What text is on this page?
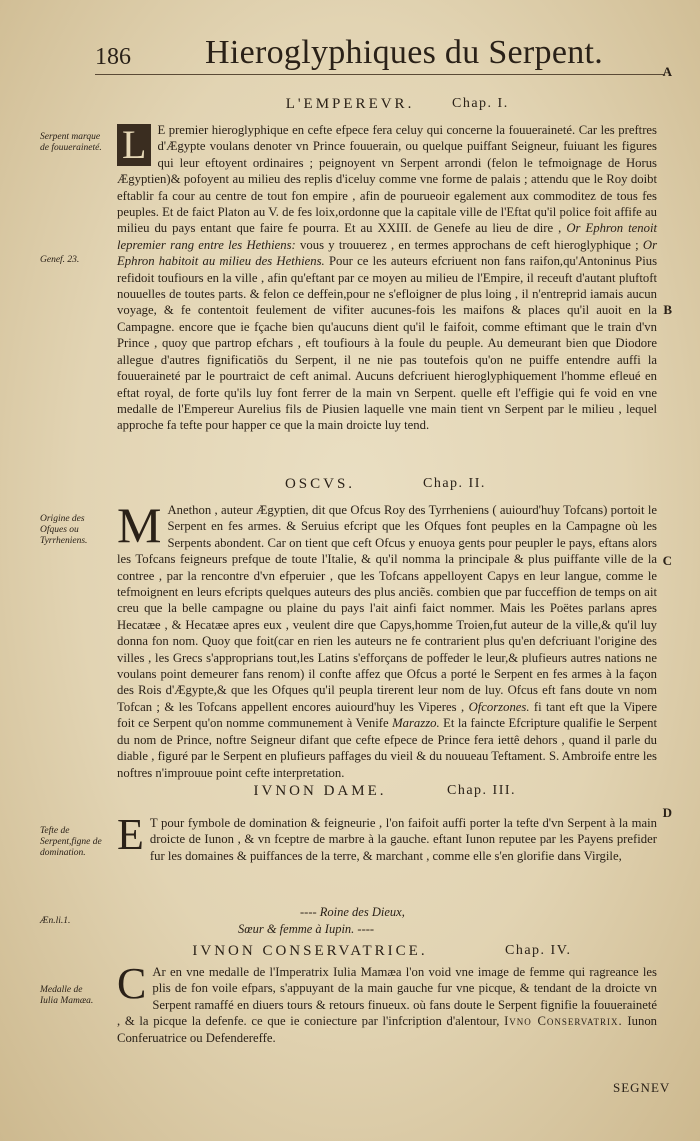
186 Hieroglyphiques du Serpent.
A
B
C
D
L'EMPEREVR.	Chap. I.
Serpent marque de fouueraineté.
Genef. 23.
L E premier hieroglyphique en cefte efpece fera celuy qui concerne la fouueraineté. Car les preftres d'Ægypte voulans denoter vn Prince fouuerain, ou quelque puiffant Seigneur, fuiuant les figures qui leur eftoyent ordinaires ; peignoyent vn Serpent arrondi (felon le tefmoignage de Horus Ægyptien)& pofoyent au milieu des replis d'iceluy comme vne forme de palais ; attendu que le Roy doibt eftablir fa cour au centre de tout fon empire , afin de pourueoir egalement aux commoditez de tous fes peuples. Et de faict Platon au V. de fes loix,ordonne que la capitale ville de l'Eftat qu'il police foit affife au milieu du pays entant que faire fe pourra. Et au XXIII. de Genefe au lieu de dire , Or Ephron tenoit lepremier rang entre les Hethiens: vous y trouuerez , en termes approchans de ceft hieroglyphique ; Or Ephron habitoit au milieu des Hethiens. Pour ce les auteurs efcriuent non fans raifon,qu'Antoninus Pius refidoit toufiours en la ville , afin qu'eftant par ce moyen au milieu de l'Empire, il receuft d'autant pluftoft nouuelles de toutes parts. & felon ce deffein,pour ne s'efloigner de plus loing , il n'entreprid iamais aucun voyage, & fe contentoit feulement de vifiter aucunes-fois les maifons & places qu'il auoit en la Campagne. encore que ie fçache bien qu'aucuns dient qu'il le faifoit, comme eftimant que le train d'vn Prince , quoy que partrop efchars , eft toufiours à la foule du peuple. Au demeurant bien que Diodore allegue d'autres fignificatiõs du Serpent, il ne nie pas toutefois qu'on ne puiffe entendre auffi la fouueraineté par le pourtraict de ceft animal. Aucuns defcriuent hieroglyphiquement l'homme efleué en eftat royal, de forte qu'ils luy font ferrer de la main vn Serpent. quelle eft l'effigie qui fe void en vne medalle de l'Empereur Aurelius fils de Piusien laquelle vne main tient vn Serpent par le milieu , lequel approche fa tefte pour happer ce que la main droicte luy tend.
OSCVS.	Chap. II.
Origine des Ofques ou Tyrrheniens. M Anethon , auteur Ægyptien, dit que Ofcus Roy des Tyrrheniens ( auiourd'huy Tofcans) portoit le Serpent en fes armes. & Seruius efcript que les Ofques font peuples en la Campagne où les Serpents abondent. Car on tient que ceft Ofcus y enuoya gents pour peupler le pays, eftans alors les Tofcans feigneurs prefque de toute l'Italie, & qu'il nomma la principale & plus puiffante ville de la contree , par la rencontre d'vn efperuier , que les Tofcans appelloyent Capys en leur langue, comme le tefmoignent en leurs efcripts quelques auteurs des plus anciẽs. combien que par fucceffion de temps on ait creu que la belle campagne ou plaine du pays l'ait ainfi faict nommer. Mais les Poëtes parlans apres Hecatæe , & Hecatæe apres eux , veulent dire que Capys,homme Troien,fut auteur de la ville,& qu'il luy donna fon nom. Quoy que foit(car en rien les auteurs ne fe contrarient plus qu'en defcriuant l'origine des villes , les Grecs s'approprians tout,les Latins s'efforçans de poffeder le leur,& plufieurs autres nations ne voulans point demeurer fans renom) il confte affez que Ofcus a porté le Serpent en fes armes à la façon des Rois d'Ægypte,& que les Ofques qu'il peupla tirerent leur nom de luy. Ofcus eft fans doute vn nom Tofcan ; & les Tofcans appellent encores auiourd'huy les Viperes , Ofcorzones. fi tant eft que la Vipere foit ce Serpent qu'on nomme communement à Venife Marazzo. Et la faincte Efcripture qualifie le Serpent du nom de Prince, noftre Seigneur difant que cefte efpece de Prince fera iettê dehors , quand il parle du diable , figuré par le Serpent en plufieurs paffages du vieil & du nouueau Teftament. S. Ambroife entre les noftres n'improuue point cefte interpretation.
IVNON DAME.	Chap. III.
Tefte de Serpent,figne de domination.
Æn.li.1.
E T pour fymbole de domination & feigneurie , l'on faifoit auffi porter la tefte d'vn Serpent à la main droicte de Iunon , & vn fceptre de marbre à la gauche. eftant Iunon reputee par les Payens prefider fur les domaines & puiffances de la terre, & marchant , comme elle s'en glorifie dans Virgile,
---- Roine des Dieux,
Sœur & femme à Iupin. ----
IVNON CONSERVATRICE.	Chap. IV.
Medalle de Iulia Mamæa. C Ar en vne medalle de l'Imperatrix Iulia Mamæa l'on void vne image de femme qui ragreance les plis de fon voile efpars, s'appuyant de la main gauche fur vne picque, & tendant de la droicte vn Serpent ramaffé en diuers tours & retours finueux. où fans doute le Serpent fignifie la fouueraineté , & la picque la defenfe. ce que ie coniecture par l'infcription d'alentour, Ivno Conservatrix. Iunon Conferuatrice ou Defendereffe.
SEGNEV
